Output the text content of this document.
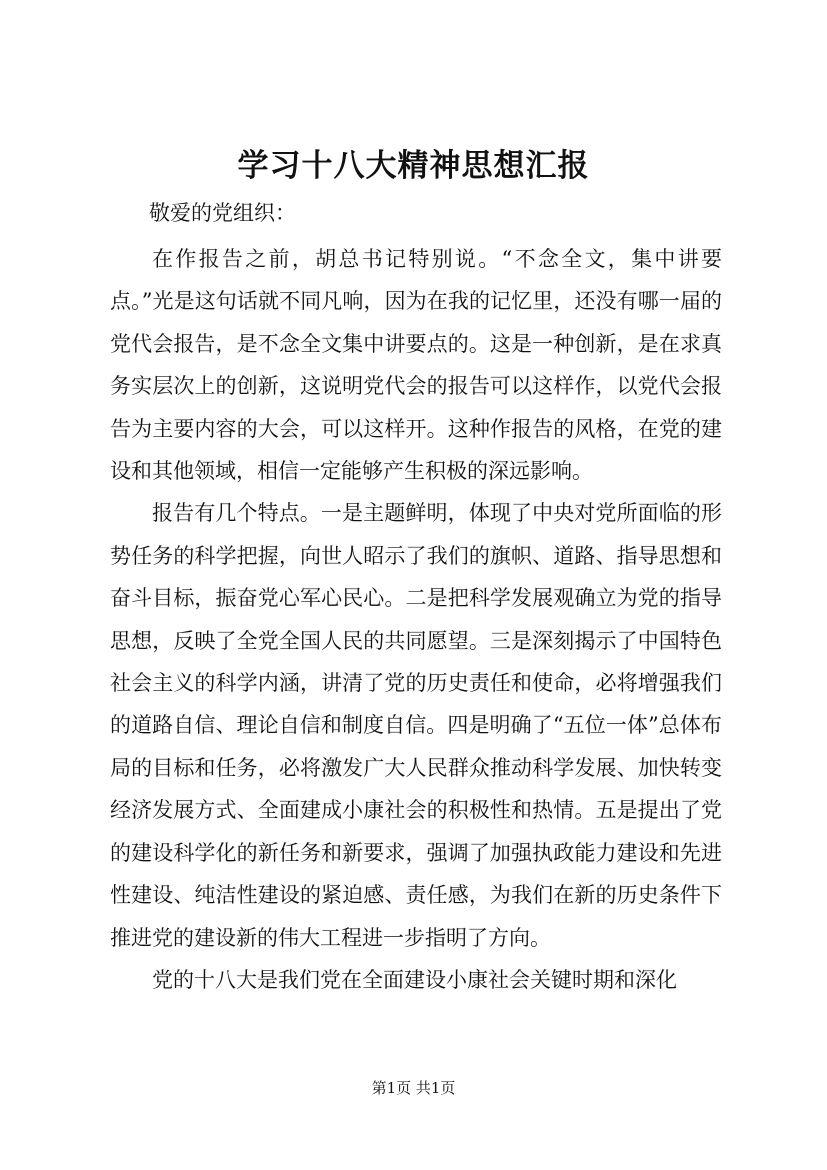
学习十八大精神思想汇报
敬爱的党组织：

在作报告之前，胡总书记特别说。“不念全文，集中讲要点。”光是这句话就不同凡响，因为在我的记忆里，还没有哪一届的党代会报告，是不念全文集中讲要点的。这是一种创新，是在求真务实层次上的创新，这说明党代会的报告可以这样作，以党代会报告为主要内容的大会，可以这样开。这种作报告的风格，在党的建设和其他领域，相信一定能够产生积极的深远影响。

报告有几个特点。一是主题鲜明，体现了中央对党所面临的形势任务的科学把握，向世人昭示了我们的旗帜、道路、指导思想和奋斗目标，振奋党心军心民心。二是把科学发展观确立为党的指导思想，反映了全党全国人民的共同愿望。三是深刻揭示了中国特色社会主义的科学内涵，讲清了党的历史责任和使命，必将增强我们的道路自信、理论自信和制度自信。四是明确了“五位一体”总体布局的目标和任务，必将激发广大人民群众推动科学发展、加快转变经济发展方式、全面建成小康社会的积极性和热情。五是提出了党的建设科学化的新任务和新要求，强调了加强执政能力建设和先进性建设、纯洁性建设的紧迫感、责任感，为我们在新的历史条件下推进党的建设新的伟大工程进一步指明了方向。

党的十八大是我们党在全面建设小康社会关键时期和深化

第1页 共1页
